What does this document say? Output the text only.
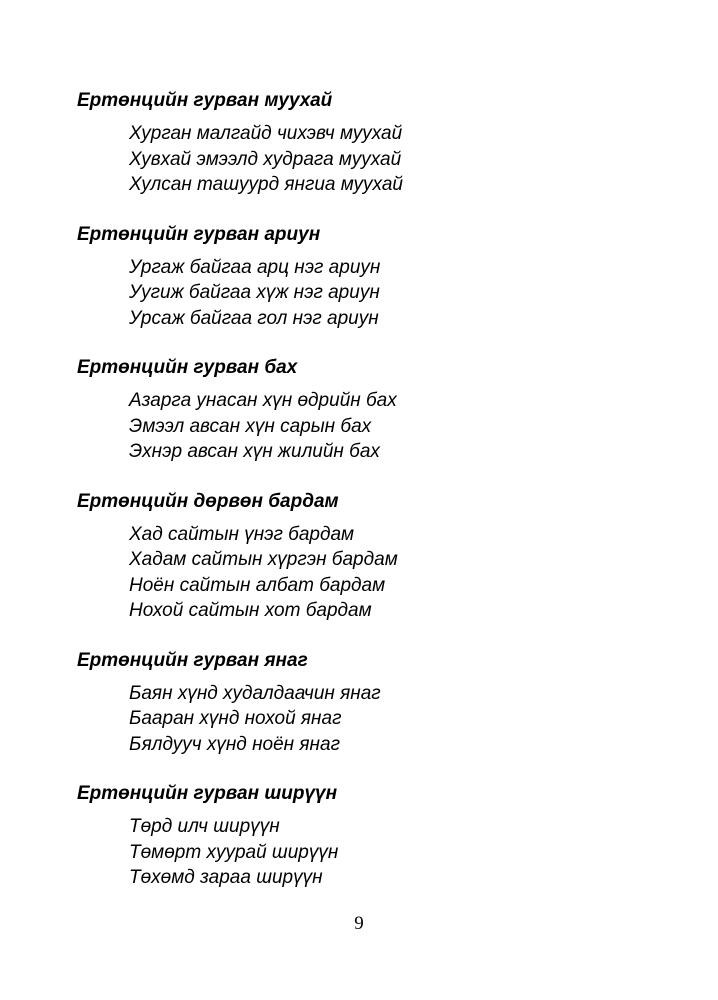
Ертөнцийн гурван муухай
Хурган малгайд чихэвч муухай
Хувхай эмээлд худрага муухай
Хулсан ташуурд янгиа муухай
Ертөнцийн гурван ариун
Ургаж байгаа арц нэг ариун
Уугиж байгаа хүж нэг ариун
Урсаж байгаа гол нэг ариун
Ертөнцийн гурван бах
Азарга унасан хүн өдрийн бах
Эмээл авсан хүн сарын бах
Эхнэр авсан хүн жилийн бах
Ертөнцийн дөрвөн бардам
Хад сайтын үнэг бардам
Хадам сайтын хүргэн бардам
Ноён сайтын албат бардам
Нохой сайтын хот бардам
Ертөнцийн гурван янаг
Баян хүнд худалдаачин янаг
Бааран хүнд нохой янаг
Бялдууч хүнд ноён янаг
Ертөнцийн гурван ширүүн
Төрд илч ширүүн
Төмөрт хуурай ширүүн
Төхөмд зараа ширүүн
9
